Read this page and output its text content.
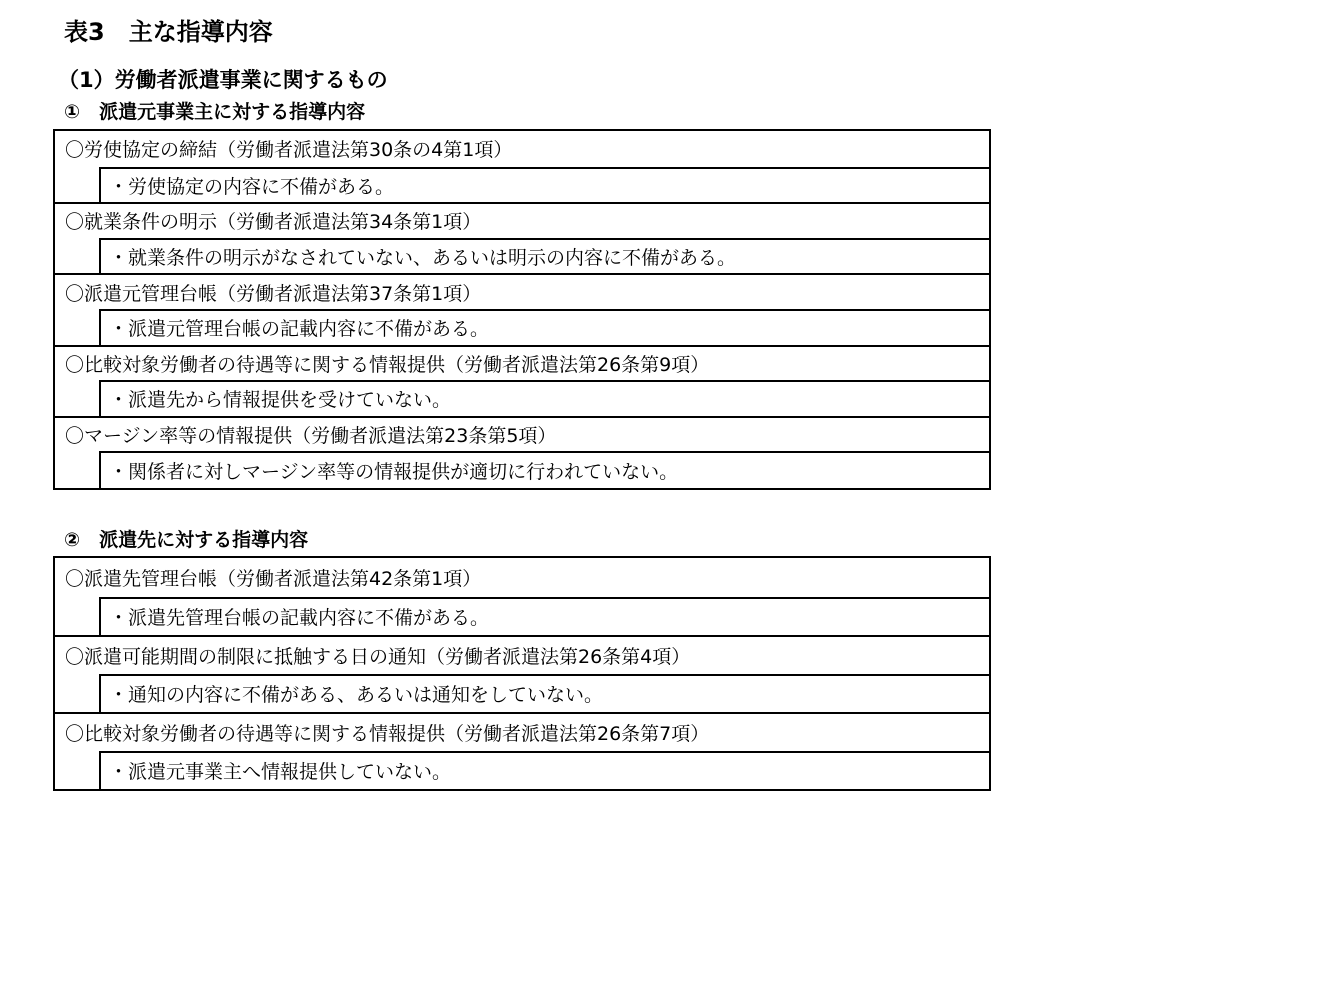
表3　主な指導内容
（1）労働者派遣事業に関するもの
①　派遣元事業主に対する指導内容
〇労使協定の締結（労働者派遣法第30条の4第1項）
・労使協定の内容に不備がある。
〇就業条件の明示（労働者派遣法第34条第1項）
・就業条件の明示がなされていない、あるいは明示の内容に不備がある。
〇派遣元管理台帳（労働者派遣法第37条第1項）
・派遣元管理台帳の記載内容に不備がある。
〇比較対象労働者の待遇等に関する情報提供（労働者派遣法第26条第9項）
・派遣先から情報提供を受けていない。
〇マージン率等の情報提供（労働者派遣法第23条第5項）
・関係者に対しマージン率等の情報提供が適切に行われていない。
②　派遣先に対する指導内容
〇派遣先管理台帳（労働者派遣法第42条第1項）
・派遣先管理台帳の記載内容に不備がある。
〇派遣可能期間の制限に抵触する日の通知（労働者派遣法第26条第4項）
・通知の内容に不備がある、あるいは通知をしていない。
〇比較対象労働者の待遇等に関する情報提供（労働者派遣法第26条第7項）
・派遣元事業主へ情報提供していない。
